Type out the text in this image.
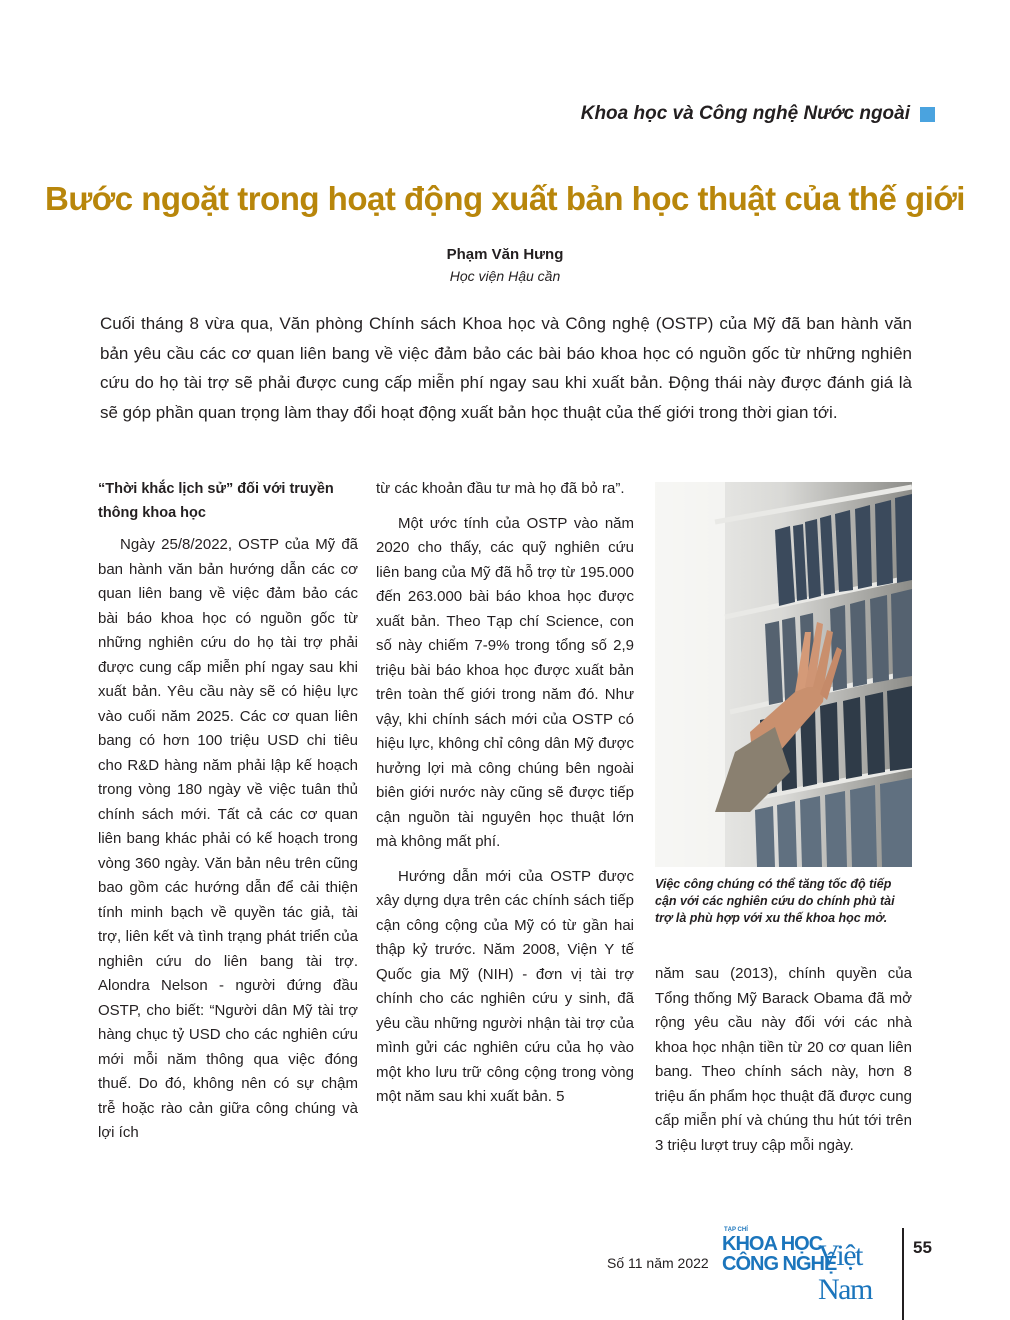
Khoa học và Công nghệ Nước ngoài
Bước ngoặt trong hoạt động xuất bản học thuật của thế giới
Phạm Văn Hưng
Học viện Hậu cần

Cuối tháng 8 vừa qua, Văn phòng Chính sách Khoa học và Công nghệ (OSTP) của Mỹ đã ban hành văn bản yêu cầu các cơ quan liên bang về việc đảm bảo các bài báo khoa học có nguồn gốc từ những nghiên cứu do họ tài trợ sẽ phải được cung cấp miễn phí ngay sau khi xuất bản. Động thái này được đánh giá là sẽ góp phần quan trọng làm thay đổi hoạt động xuất bản học thuật của thế giới trong thời gian tới.

“Thời khắc lịch sử” đối với truyền thông khoa học

Ngày 25/8/2022, OSTP của Mỹ đã ban hành văn bản hướng dẫn các cơ quan liên bang về việc đảm bảo các bài báo khoa học có nguồn gốc từ những nghiên cứu do họ tài trợ phải được cung cấp miễn phí ngay sau khi xuất bản. Yêu cầu này sẽ có hiệu lực vào cuối năm 2025. Các cơ quan liên bang có hơn 100 triệu USD chi tiêu cho R&D hàng năm phải lập kế hoạch trong vòng 180 ngày về việc tuân thủ chính sách mới. Tất cả các cơ quan liên bang khác phải có kế hoạch trong vòng 360 ngày. Văn bản nêu trên cũng bao gồm các hướng dẫn để cải thiện tính minh bạch về quyền tác giả, tài trợ, liên kết và tình trạng phát triển của nghiên cứu do liên bang tài trợ. Alondra Nelson - người đứng đầu OSTP, cho biết: “Người dân Mỹ tài trợ hàng chục tỷ USD cho các nghiên cứu mới mỗi năm thông qua việc đóng thuế. Do đó, không nên có sự chậm trễ hoặc rào cản giữa công chúng và lợi ích

từ các khoản đầu tư mà họ đã bỏ ra”.

Một ước tính của OSTP vào năm 2020 cho thấy, các quỹ nghiên cứu liên bang của Mỹ đã hỗ trợ từ 195.000 đến 263.000 bài báo khoa học được xuất bản. Theo Tạp chí Science, con số này chiếm 7-9% trong tổng số 2,9 triệu bài báo khoa học được xuất bản trên toàn thế giới trong năm đó. Như vậy, khi chính sách mới của OSTP có hiệu lực, không chỉ công dân Mỹ được hưởng lợi mà công chúng bên ngoài biên giới nước này cũng sẽ được tiếp cận nguồn tài nguyên học thuật lớn mà không mất phí.

Hướng dẫn mới của OSTP được xây dựng dựa trên các chính sách tiếp cận công cộng của Mỹ có từ gần hai thập kỷ trước. Năm 2008, Viện Y tế Quốc gia Mỹ (NIH) - đơn vị tài trợ chính cho các nghiên cứu y sinh, đã yêu cầu những người nhận tài trợ của mình gửi các nghiên cứu của họ vào một kho lưu trữ công cộng trong vòng một năm sau khi xuất bản. 5

Việc công chúng có thể tăng tốc độ tiếp cận với các nghiên cứu do chính phủ tài trợ là phù hợp với xu thế khoa học mở.

năm sau (2013), chính quyền của Tổng thống Mỹ Barack Obama đã mở rộng yêu cầu này đối với các nhà khoa học nhận tiền từ 20 cơ quan liên bang. Theo chính sách này, hơn 8 triệu ấn phẩm học thuật đã được cung cấp miễn phí và chúng thu hút tới trên 3 triệu lượt truy cập mỗi ngày.

Số 11 năm 2022
TẠP CHÍ
KHOA HỌC
CÔNG NGHỆ
Việt Nam
55
